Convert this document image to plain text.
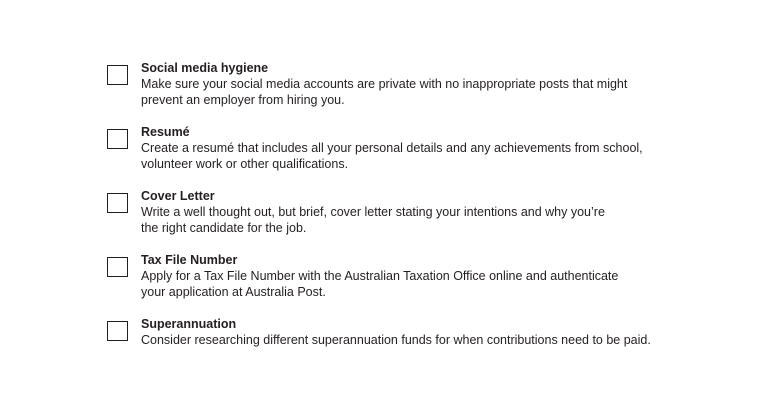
Social media hygiene
Make sure your social media accounts are private with no inappropriate posts that might
prevent an employer from hiring you.
Resumé
Create a resumé that includes all your personal details and any achievements from school,
volunteer work or other qualifications.
Cover Letter
Write a well thought out, but brief, cover letter stating your intentions and why you’re
the right candidate for the job.
Tax File Number
Apply for a Tax File Number with the Australian Taxation Office online and authenticate
your application at Australia Post.
Superannuation
Consider researching different superannuation funds for when contributions need to be paid.
